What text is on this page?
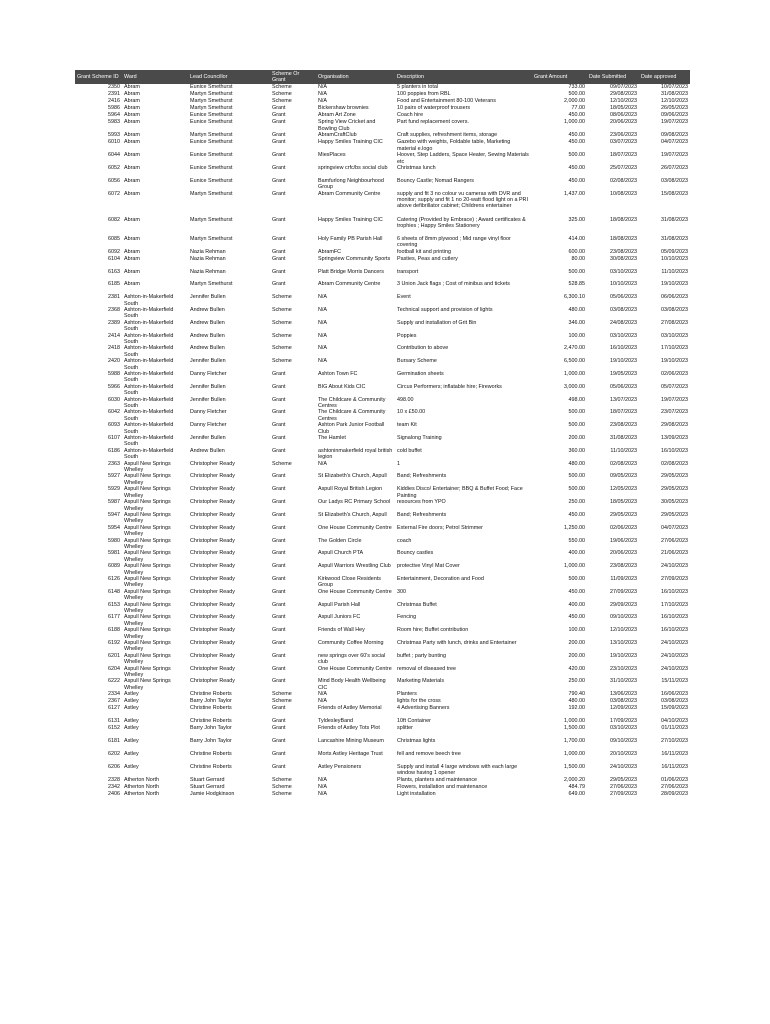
Grant Scheme ID	Ward	Lead Councillor	Scheme Or Grant	Organisation	Description	Grant Amount	Date Submitted	Date approved
2350	Abram	Eunice Smethurst	Scheme	N/A	5 planters in total	733.00	09/07/2023	10/07/2023
2391	Abram	Martyn Smethurst	Scheme	N/A	100 poppies from RBL	500.00	29/08/2023	31/08/2023
2416	Abram	Martyn Smethurst	Scheme	N/A	Food and Entertainment 80-100 Veterans	2,000.00	12/10/2023	12/10/2023
5986	Abram	Martyn Smethurst	Grant	Bickershaw brownies	10 pairs of waterproof trousers	77.00	18/05/2023	26/05/2023
5964	Abram	Eunice Smethurst	Grant	Abram Art Zone	Coach hire	450.00	08/06/2023	09/06/2023
5983	Abram	Eunice Smethurst	Grant	Spring View Cricket and Bowling Club	Part fund replacement covers.	1,000.00	20/06/2023	19/07/2023
5993	Abram	Martyn Smethurst	Grant	AbramCraftClub	Craft supplies, refreshment items, storage	450.00	23/06/2023	09/08/2023
6010	Abram	Eunice Smethurst	Grant	Happy Smiles Training CIC	Gazebo with weights, Foldable table, Marketing material e.logo	450.00	03/07/2023	04/07/2023
6044	Abram	Eunice Smethurst	Grant	MiesPlaces	Hoover, Step Ladders, Space Heater, Sewing Materials etc	500.00	18/07/2023	19/07/2023
6052	Abram	Eunice Smethurst	Grant	springview crfc/bs social club	Christmas lunch	450.00	25/07/2023	26/07/2023
6056	Abram	Eunice Smethurst	Grant	Bamfurlong Neighbourhood Group	Bouncy Castle; Nomad Rangers	450.00	02/08/2023	03/08/2023
6072	Abram	Martyn Smethurst	Grant	Abram Community Centre	supply and fit 3 no colour vu cameras with DVR and monitor; supply and fit 1 no 20-watt flood light on a PRI above defibrillator cabinet; Childrens entertainer	1,437.00	10/08/2023	15/08/2023
6082	Abram	Martyn Smethurst	Grant	Happy Smiles Training CIC	Catering (Provided by Embrace) ; Award certificates & trophies ; Happy Smiles Stationery	325.00	18/08/2023	31/08/2023
6085	Abram	Martyn Smethurst	Grant	Holy Family PB Parish Hall	6 sheets of 8mm plywood ; Mid range vinyl floor covering	414.00	18/08/2023	31/08/2023
6092	Abram	Nazia Rehman	Grant	AbramFC	football kit and printing	600.00	23/08/2023	05/09/2023
6104	Abram	Nazia Rehman	Grant	Springview Community Sports	Pasties, Peas and cutlery	80.00	30/08/2023	10/10/2023
6163	Abram	Nazia Rehman	Grant	Platt Bridge Morris Dancers	transport	500.00	03/10/2023	11/10/2023
6185	Abram	Martyn Smethurst	Grant	Abram Community Centre	3 Union Jack flags ; Cost of minibus and tickets	528.85	10/10/2023	19/10/2023
2381	Ashton-in-Makerfield South	Jennifer Bullen	Scheme	N/A	Event	6,300.10	05/06/2023	06/06/2023
2368	Ashton-in-Makerfield South	Andrew Bullen	Scheme	N/A	Technical support and provision of lights	480.00	03/08/2023	03/08/2023
2389	Ashton-in-Makerfield South	Andrew Bullen	Scheme	N/A	Supply and installation of Grit Bin	346.00	24/08/2023	27/08/2023
2414	Ashton-in-Makerfield South	Andrew Bullen	Scheme	N/A	Poppies	100.00	03/10/2023	03/10/2023
2418	Ashton-in-Makerfield South	Andrew Bullen	Scheme	N/A	Contribution to above	2,470.00	16/10/2023	17/10/2023
2420	Ashton-in-Makerfield South	Jennifer Bullen	Scheme	N/A	Bursary Scheme	6,500.00	19/10/2023	19/10/2023
5988	Ashton-in-Makerfield South	Danny Fletcher	Grant	Ashton Town FC	Germination sheets	1,000.00	19/05/2023	02/06/2023
5966	Ashton-in-Makerfield South	Jennifer Bullen	Grant	BIG About Kids CIC	Circus Performers; inflatable hire; Fireworks	3,000.00	05/06/2023	05/07/2023
6030	Ashton-in-Makerfield South	Jennifer Bullen	Grant	The Childcare & Community Centres	498.00	498.00	13/07/2023	19/07/2023
6042	Ashton-in-Makerfield South	Danny Fletcher	Grant	The Childcare & Community Centres	10 x £50.00	500.00	18/07/2023	23/07/2023
6093	Ashton-in-Makerfield South	Danny Fletcher	Grant	Ashton Park Junior Football Club	team Kit	500.00	23/08/2023	29/08/2023
6107	Ashton-in-Makerfield South	Jennifer Bullen	Grant	The Hamlet	Signalong Training	200.00	31/08/2023	13/09/2023
6186	Ashton-in-Makerfield South	Andrew Bullen	Grant	ashtoninmakerfield royal british legion	cold buffet	360.00	11/10/2023	16/10/2023
2363	Aspull New Springs Whelley	Christopher Ready	Scheme	N/A	1	480.00	02/08/2023	02/08/2023
5927	Aspull New Springs Whelley	Christopher Ready	Grant	St Elizabeth's Church, Aspull	Band; Refreshments	500.00	09/05/2023	29/05/2023
5929	Aspull New Springs Whelley	Christopher Ready	Grant	Aspull Royal British Legion	Kiddies Disco/ Entertainer; BBQ & Buffet Food; Face Painting	500.00	12/05/2023	29/05/2023
5987	Aspull New Springs Whelley	Christopher Ready	Grant	Our Ladys RC Primary School	resources from YPO	250.00	18/05/2023	30/05/2023
5947	Aspull New Springs Whelley	Christopher Ready	Grant	St Elizabeth's Church, Aspull	Band; Refreshments	450.00	29/05/2023	29/05/2023
5954	Aspull New Springs Whelley	Christopher Ready	Grant	One House Community Centre	External Fire doors; Petrol Strimmer	1,250.00	02/06/2023	04/07/2023
5980	Aspull New Springs Whelley	Christopher Ready	Grant	The Golden Circle	coach	550.00	19/06/2023	27/06/2023
5981	Aspull New Springs Whelley	Christopher Ready	Grant	Aspull Church PTA	Bouncy castles	400.00	20/06/2023	21/06/2023
6089	Aspull New Springs Whelley	Christopher Ready	Grant	Aspull Warriors Wrestling Club	protective Vinyl Mat Cover	1,000.00	23/08/2023	24/10/2023
6126	Aspull New Springs Whelley	Christopher Ready	Grant	Kirkwood Close Residents Group	Entertainment, Decoration and Food	500.00	11/09/2023	27/09/2023
6148	Aspull New Springs Whelley	Christopher Ready	Grant	One House Community Centre	300	450.00	27/09/2023	16/10/2023
6153	Aspull New Springs Whelley	Christopher Ready	Grant	Aspull Parish Hall	Christmas Buffet	400.00	29/09/2023	17/10/2023
6177	Aspull New Springs Whelley	Christopher Ready	Grant	Aspull Juniors FC	Fencing	450.00	09/10/2023	16/10/2023
6188	Aspull New Springs Whelley	Christopher Ready	Grant	Friends of Wall Hey	Room hire; Buffet contribution	100.00	12/10/2023	16/10/2023
6192	Aspull New Springs Whelley	Christopher Ready	Grant	Community Coffee Morning	Christmas Party with lunch, drinks and Entertainer	200.00	13/10/2023	24/10/2023
6201	Aspull New Springs Whelley	Christopher Ready	Grant	new springs over 60's social club	buffet ; party bunting	200.00	19/10/2023	24/10/2023
6204	Aspull New Springs Whelley	Christopher Ready	Grant	One House Community Centre	removal of diseased tree	420.00	23/10/2023	24/10/2023
6222	Aspull New Springs Whelley	Christopher Ready	Grant	Mind Body Health Wellbeing CIC	Marketing Materials	250.00	31/10/2023	15/11/2023
2334	Astley	Christine Roberts	Scheme	N/A	Planters	790.40	13/06/2023	16/06/2023
2367	Astley	Barry John Taylor	Scheme	N/A	lights for the cross	480.00	03/08/2023	03/08/2023
6127	Astley	Christine Roberts	Grant	Friends of Astley Memorial	4 Advertising Banners	192.00	12/09/2023	15/09/2023
6131	Astley	Christine Roberts	Grant	TyldesleyBand	10ft Container	1,000.00	17/09/2023	04/10/2023
6152	Astley	Barry John Taylor	Grant	Friends of Astley Tots Plot	splitter	1,500.00	03/10/2023	01/11/2023
6181	Astley	Barry John Taylor	Grant	Lancashire Mining Museum	Christmas lights	1,700.00	09/10/2023	27/10/2023
6202	Astley	Christine Roberts	Grant	Morts Astley Heritage Trust	fell and remove beech tree	1,000.00	20/10/2023	16/11/2023
6206	Astley	Christine Roberts	Grant	Astley Pensioners	Supply and install 4 large windows with each large window having 1 opener	1,500.00	24/10/2023	16/11/2023
2328	Atherton North	Stuart Gerrard	Scheme	N/A	Plants, planters and maintenance	2,000.20	29/05/2023	01/06/2023
2342	Atherton North	Stuart Gerrard	Scheme	N/A	Flowers, installation and maintenance	484.79	27/06/2023	27/06/2023
2406	Atherton North	Jamie Hodgkinson	Scheme	N/A	Light installation	649.00	27/09/2023	28/09/2023
